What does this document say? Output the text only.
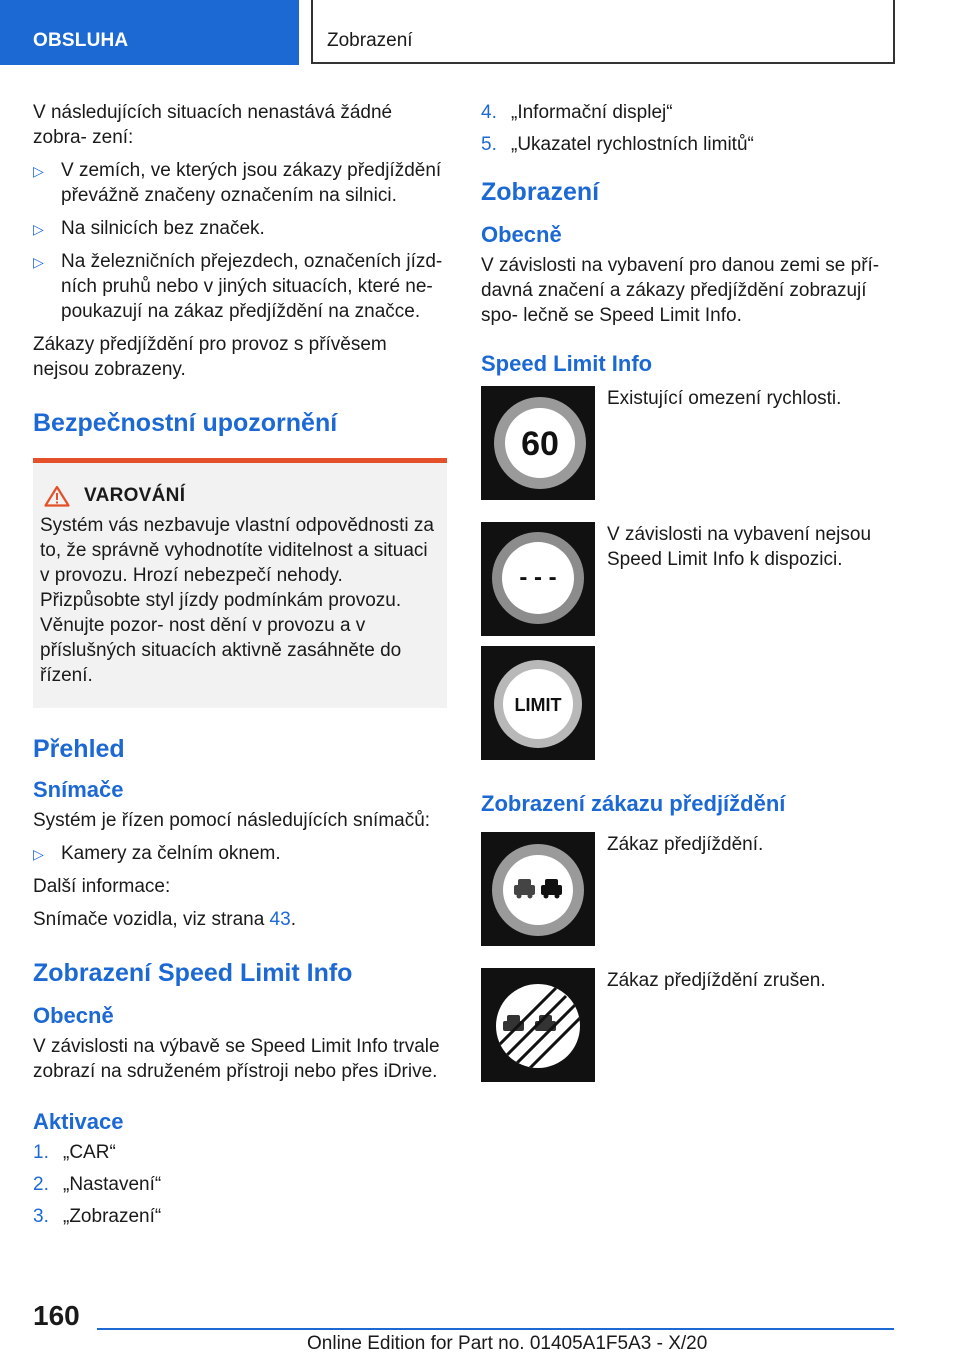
OBSLUHA	Zobrazení

V následujících situacích nenastává žádné zobra- zení:

▷ V zemích, ve kterých jsou zákazy předjíždění převážně značeny označením na silnici.
▷ Na silnicích bez značek.
▷ Na železničních přejezdech, označeních jízd- ních pruhů nebo v jiných situacích, které ne- poukazují na zákaz předjíždění na značce.

Zákazy předjíždění pro provoz s přívěsem nejsou zobrazeny.

Bezpečnostní upozornění
VAROVÁNÍ

Systém vás nezbavuje vlastní odpovědnosti za to, že správně vyhodnotíte viditelnost a situaci v provozu. Hrozí nebezpečí nehody. Přizpůsobte styl jízdy podmínkám provozu. Věnujte pozor- nost dění v provozu a v příslušných situacích aktivně zasáhněte do řízení.

Přehled
Snímače

Systém je řízen pomocí následujících snímačů:

▷ Kamery za čelním oknem.

Další informace:

Snímače vozidla, viz strana 43.

Zobrazení Speed Limit Info
Obecně

V závislosti na výbavě se Speed Limit Info trvale zobrazí na sdruženém přístroji nebo přes iDrive.

Aktivace
1. „CAR“
2. „Nastavení“
3. „Zobrazení“
4. „Informační displej“
5. „Ukazatel rychlostních limitů“
Zobrazení
Obecně

V závislosti na vybavení pro danou zemi se pří- davná značení a zákazy předjíždění zobrazují spo- lečně se Speed Limit Info.

Speed Limit Info
60
Existující omezení rychlosti.
- - -
V závislosti na vybavení nejsou Speed Limit Info k dispozici.
LIMIT
Zobrazení zákazu předjíždění
Zákaz předjíždění.
Zákaz předjíždění zrušen.
160
Online Edition for Part no. 01405A1F5A3 - X/20
